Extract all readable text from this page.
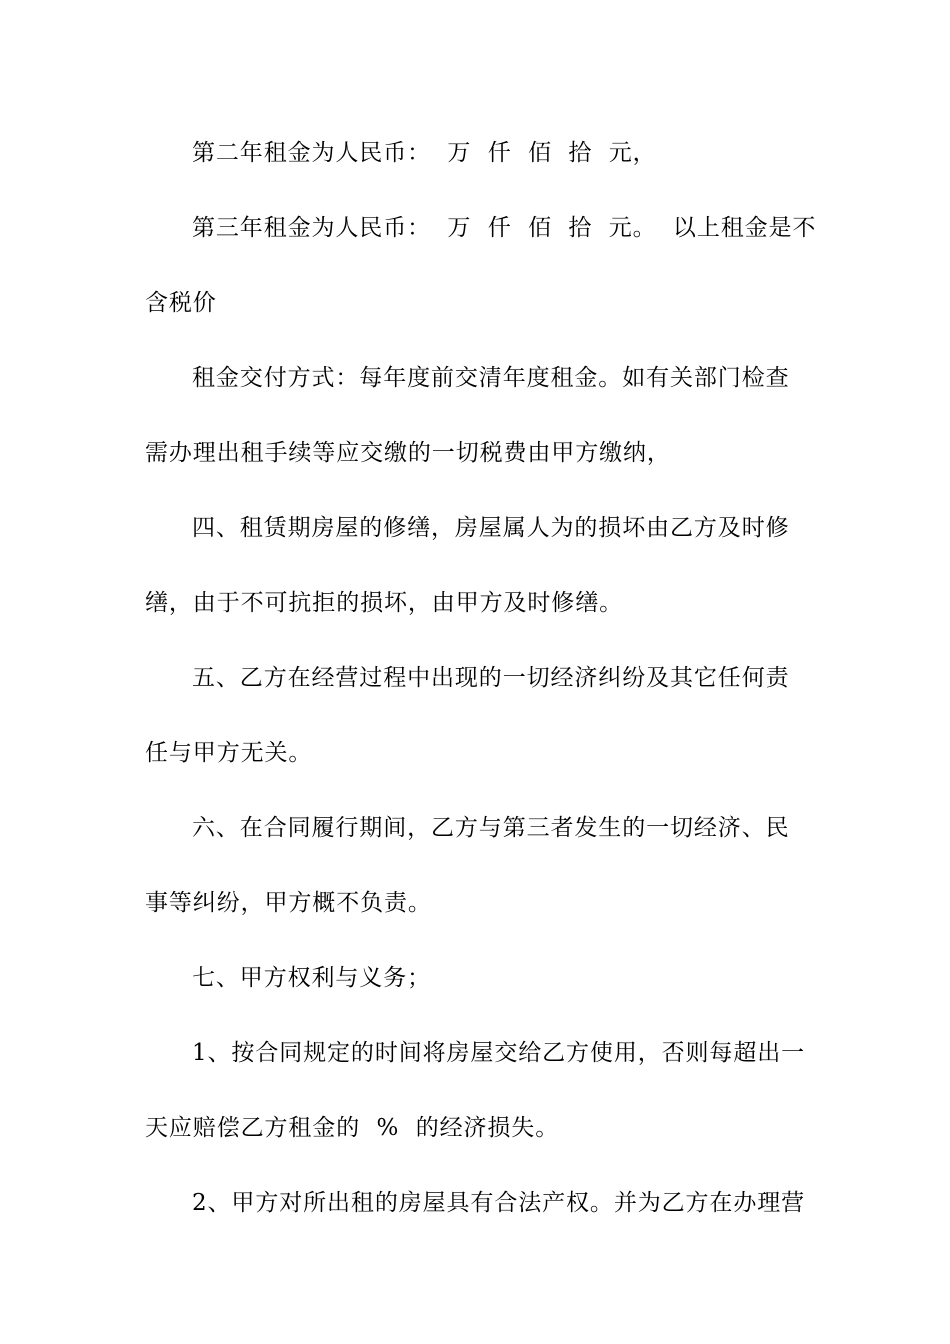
第二年租金为人民币：  万  仟  佰  拾  元，
第三年租金为人民币：  万  仟  佰  拾  元。  以上租金是不
含税价
租金交付方式：每年度前交清年度租金。如有关部门检查
需办理出租手续等应交缴的一切税费由甲方缴纳，
四、租赁期房屋的修缮，房屋属人为的损坏由乙方及时修
缮，由于不可抗拒的损坏，由甲方及时修缮。
五、乙方在经营过程中出现的一切经济纠纷及其它任何责
任与甲方无关。
六、在合同履行期间，乙方与第三者发生的一切经济、民
事等纠纷，甲方概不负责。
七、甲方权利与义务；
1、按合同规定的时间将房屋交给乙方使用，否则每超出一
天应赔偿乙方租金的  %  的经济损失。
2、甲方对所出租的房屋具有合法产权。并为乙方在办理营
